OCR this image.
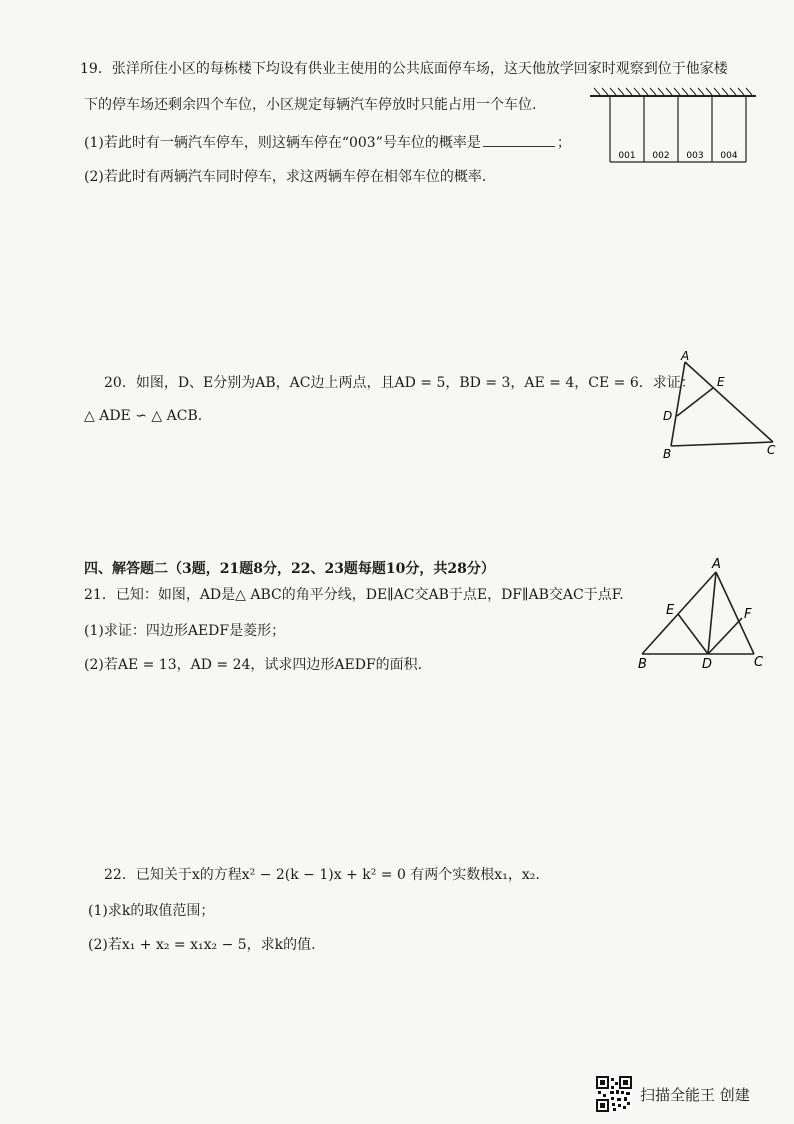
19．张洋所住小区的每栋楼下均设有供业主使用的公共底面停车场，这天他放学回家时观察到位于他家楼
下的停车场还剩余四个车位，小区规定每辆汽车停放时只能占用一个车位.
(1)若此时有一辆汽车停车，则这辆车停在“003”号车位的概率是	；
(2)若此时有两辆汽车同时停车，求这两辆车停在相邻车位的概率.
001 002 003 004
20．如图，D、E分别为AB，AC边上两点，且AD = 5，BD = 3，AE = 4，CE = 6．求证：
△ ADE ∽ △ ACB.
A
E
D
B	C
四、解答题二（3题，21题8分，22、23题每题10分，共28分）
21．已知：如图，AD是△ ABC的角平分线，DE∥AC交AB于点E，DF∥AB交AC于点F.
(1)求证：四边形AEDF是菱形；
(2)若AE = 13，AD = 24，试求四边形AEDF的面积.
A
E	F
B	D	C
22．已知关于x的方程x² − 2(k − 1)x + k² = 0 有两个实数根x₁，x₂.
(1)求k的取值范围；
(2)若x₁ + x₂ = x₁x₂ − 5，求k的值.
扫描全能王 创建
